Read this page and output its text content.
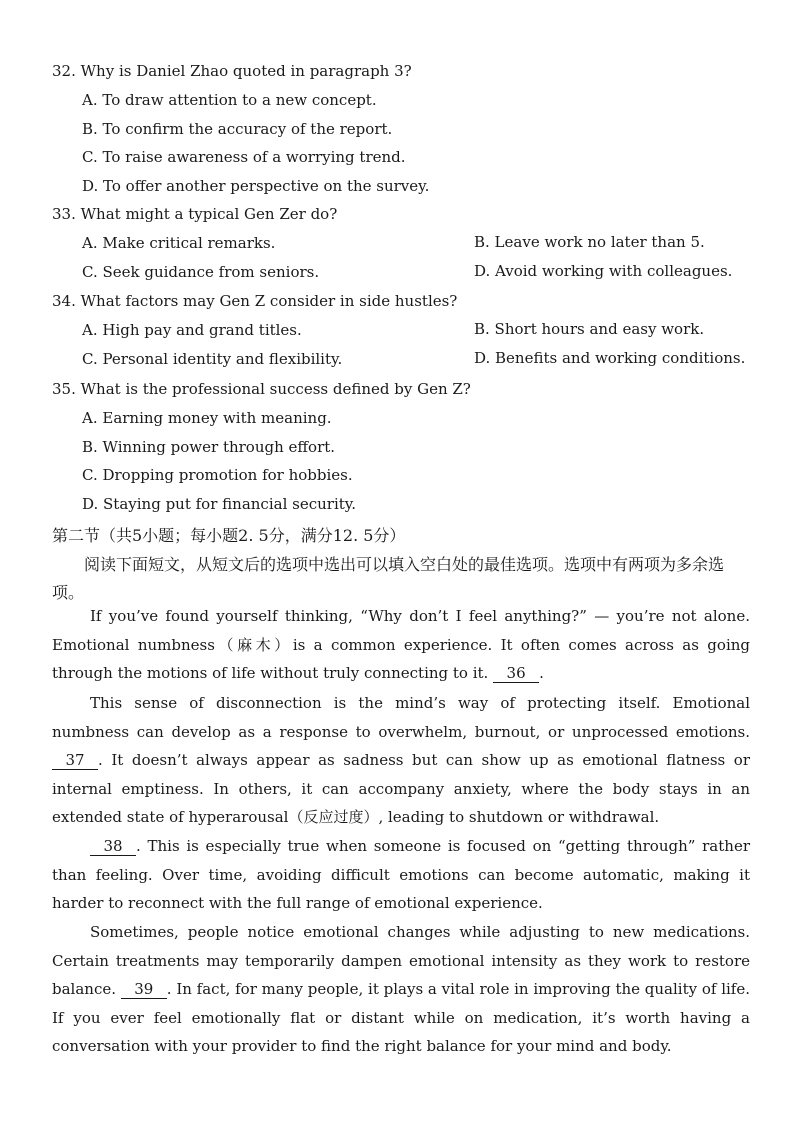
32. Why is Daniel Zhao quoted in paragraph 3?
A. To draw attention to a new concept.
B. To confirm the accuracy of the report.
C. To raise awareness of a worrying trend.
D. To offer another perspective on the survey.
33. What might a typical Gen Zer do?
A. Make critical remarks.	B. Leave work no later than 5.
C. Seek guidance from seniors.	D. Avoid working with colleagues.
34. What factors may Gen Z consider in side hustles?
A. High pay and grand titles.	B. Short hours and easy work.
C. Personal identity and flexibility.	D. Benefits and working conditions.
35. What is the professional success defined by Gen Z?
A. Earning money with meaning.
B. Winning power through effort.
C. Dropping promotion for hobbies.
D. Staying put for financial security.
第二节（共5小题；每小题2. 5分，满分12. 5分）
阅读下面短文，从短文后的选项中选出可以填入空白处的最佳选项。选项中有两项为多余选项。
If you’ve found yourself thinking, “Why don’t I feel anything?” — you’re not alone. Emotional numbness（麻木）is a common experience. It often comes across as going through the motions of life without truly connecting to it. 36 .
This sense of disconnection is the mind’s way of protecting itself. Emotional numbness can develop as a response to overwhelm, burnout, or unprocessed emotions. 37 . It doesn’t always appear as sadness but can show up as emotional flatness or internal emptiness. In others, it can accompany anxiety, where the body stays in an extended state of hyperarousal（反应过度）, leading to shutdown or withdrawal.
38 . This is especially true when someone is focused on “getting through” rather than feeling. Over time, avoiding difficult emotions can become automatic, making it harder to reconnect with the full range of emotional experience.
Sometimes, people notice emotional changes while adjusting to new medications. Certain treatments may temporarily dampen emotional intensity as they work to restore balance. 39 . In fact, for many people, it plays a vital role in improving the quality of life. If you ever feel emotionally flat or distant while on medication, it’s worth having a conversation with your provider to find the right balance for your mind and body.
